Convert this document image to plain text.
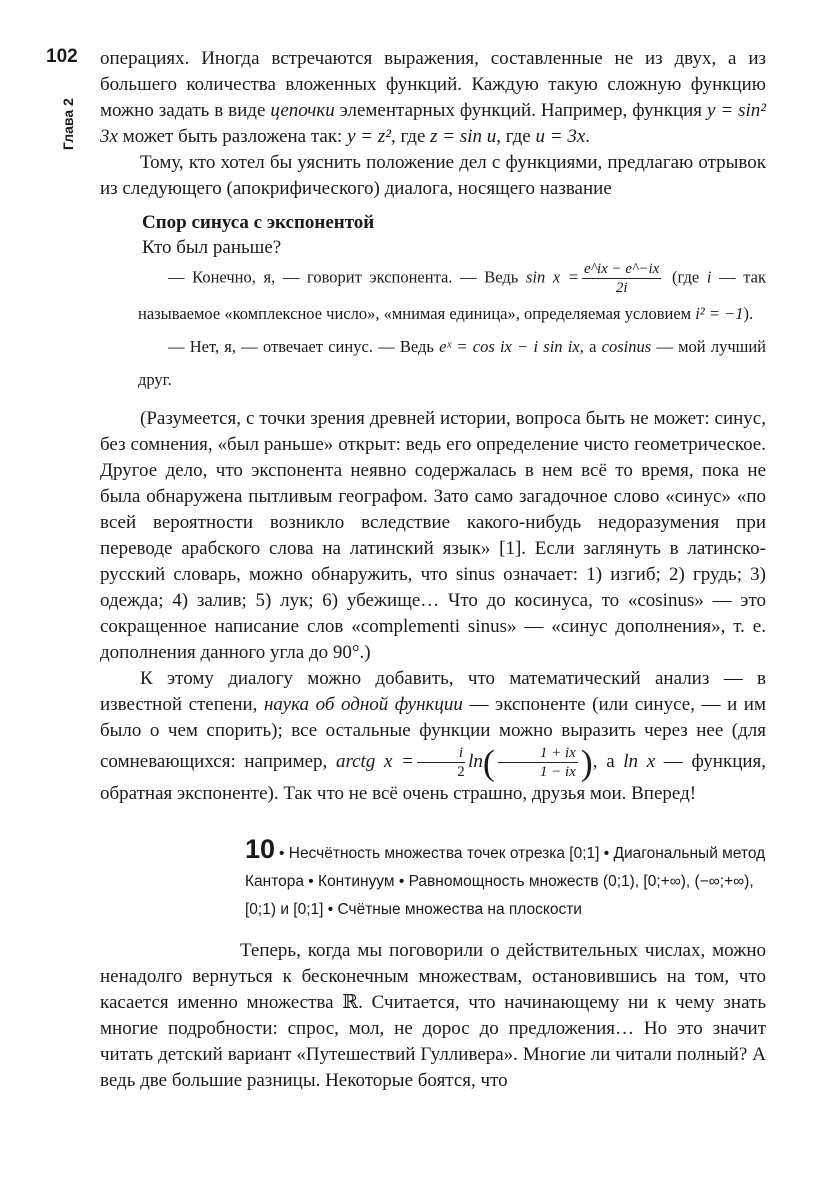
102
Глава 2

операциях. Иногда встречаются выражения, составленные не из двух, а из большего количества вложенных функций. Каждую такую сложную функцию можно задать в виде цепочки элементарных функций. Например, функция y = sin² 3x может быть разложена так: y = z², где z = sin u, где u = 3x.

Тому, кто хотел бы уяснить положение дел с функциями, предлагаю отрывок из следующего (апокрифического) диалога, носящего название

Спор синуса с экспонентой
Кто был раньше?

— Конечно, я, — говорит экспонента. — Ведь $\sin x = \frac{e\^{}ix - e\^{}-ix}{2i} (где$ i — так называемое «комплексное число», «мнимая единица», определяемая условием i² = −1).

— Нет, я, — отвечает синус. — Ведь eˣ = cos ix − i sin ix, а cosinus — мой лучший друг.

(Разумеется, с точки зрения древней истории, вопроса быть не может: синус, без сомнения, «был раньше» открыт: ведь его определение чисто геометрическое. Другое дело, что экспонента неявно содержалась в нем всё то время, пока не была обнаружена пытливым географом. Зато само загадочное слово «синус» «по всей вероятности возникло вследствие какого-нибудь недоразумения при переводе арабского слова на латинский язык» [1]. Если заглянуть в латинско-русский словарь, можно обнаружить, что sinus означает: 1) изгиб; 2) грудь; 3) одежда; 4) залив; 5) лук; 6) убежище… Что до косинуса, то «cosinus» — это сокращенное написание слов «complementi sinus» — «синус дополнения», т. е. дополнения данного угла до 90°.)

К этому диалогу можно добавить, что математический анализ — в известной степени, наука об одной функции — экспоненте (или синусе, — и им было о чем спорить); все остальные функции можно выразить через нее (для сомневающихся: например, arctg $x = \frac{i}{2} \ln( \frac{1 + ix}{1 - ix}$ ), а ln x — функция, обратная экспоненте). Так что не всё очень страшно, друзья мои. Вперед!

10 • Несчётность множества точек отрезка [0;1] • Диагональный метод Кантора • Континуум • Равномощность множеств (0;1), [0;+∞), (−∞;+∞), [0;1) и [0;1] • Счётные множества на плоскости

Теперь, когда мы поговорили о действительных числах, можно ненадолго вернуться к бесконечным множествам, остановившись на том, что касается именно множества ℝ. Считается, что начинающему ни к чему знать многие подробности: спрос, мол, не дорос до предложения… Но это значит читать детский вариант «Путешествий Гулливера». Многие ли читали полный? А ведь две большие разницы. Некоторые боятся, что
